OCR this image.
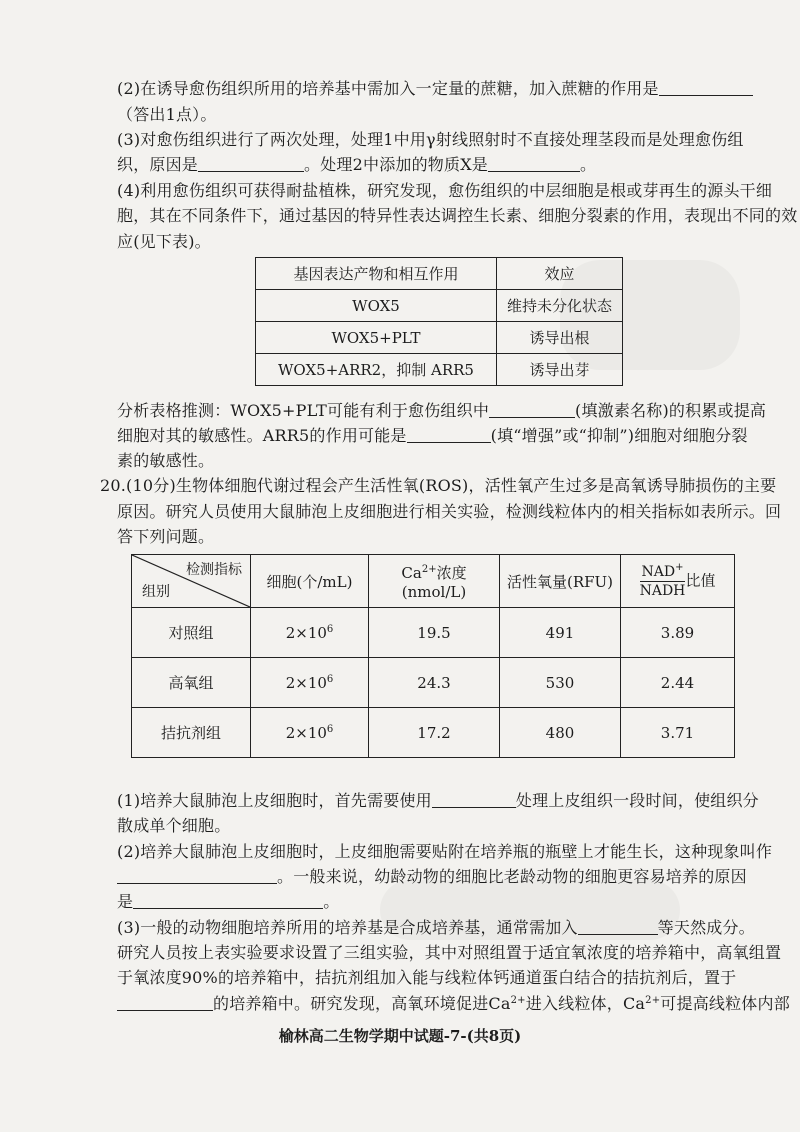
(2)在诱导愈伤组织所用的培养基中需加入一定量的蔗糖，加入蔗糖的作用是
（答出1点）。
(3)对愈伤组织进行了两次处理，处理1中用γ射线照射时不直接处理茎段而是处理愈伤组
织，原因是	。处理2中添加的物质X是	。
(4)利用愈伤组织可获得耐盐植株，研究发现，愈伤组织的中层细胞是根或芽再生的源头干细
胞，其在不同条件下，通过基因的特异性表达调控生长素、细胞分裂素的作用，表现出不同的效
应(见下表)。
基因表达产物和相互作用	效应
WOX5	维持未分化状态
WOX5+PLT	诱导出根
WOX5+ARR2，抑制 ARR5	诱导出芽
分析表格推测：WOX5+PLT可能有利于愈伤组织中	(填激素名称)的积累或提高
细胞对其的敏感性。ARR5的作用可能是	(填“增强”或“抑制”)细胞对细胞分裂
素的敏感性。
20.(10分)生物体细胞代谢过程会产生活性氧(ROS)，活性氧产生过多是高氧诱导肺损伤的主要
原因。研究人员使用大鼠肺泡上皮细胞进行相关实验，检测线粒体内的相关指标如表所示。回
答下列问题。
检测指标
组别	细胞(个/mL)	$Ca^{2+}$浓度(nmol/L)	活性氧量(RFU)	$\frac{NAD^+}{\text{NADH}}$ 比值
对照组	$2\times 10^6$	19.5	491	3.89
高氧组	$2\times 10^6$	24.3	530	2.44
拮抗剂组	$2\times 10^6$	17.2	480	3.71
(1)培养大鼠肺泡上皮细胞时，首先需要使用	处理上皮组织一段时间，使组织分
散成单个细胞。
(2)培养大鼠肺泡上皮细胞时，上皮细胞需要贴附在培养瓶的瓶壁上才能生长，这种现象叫作
。一般来说，幼龄动物的细胞比老龄动物的细胞更容易培养的原因
是	。
(3)一般的动物细胞培养所用的培养基是合成培养基，通常需加入	等天然成分。
研究人员按上表实验要求设置了三组实验，其中对照组置于适宜氧浓度的培养箱中，高氧组置
于氧浓度90%的培养箱中，拮抗剂组加入能与线粒体钙通道蛋白结合的拮抗剂后，置于
的培养箱中。研究发现，高氧环境促进$Ca^{2+}$进入线粒体，$Ca^{2+}$可提高线粒体内部
榆林高二生物学期中试题-7-(共8页)
